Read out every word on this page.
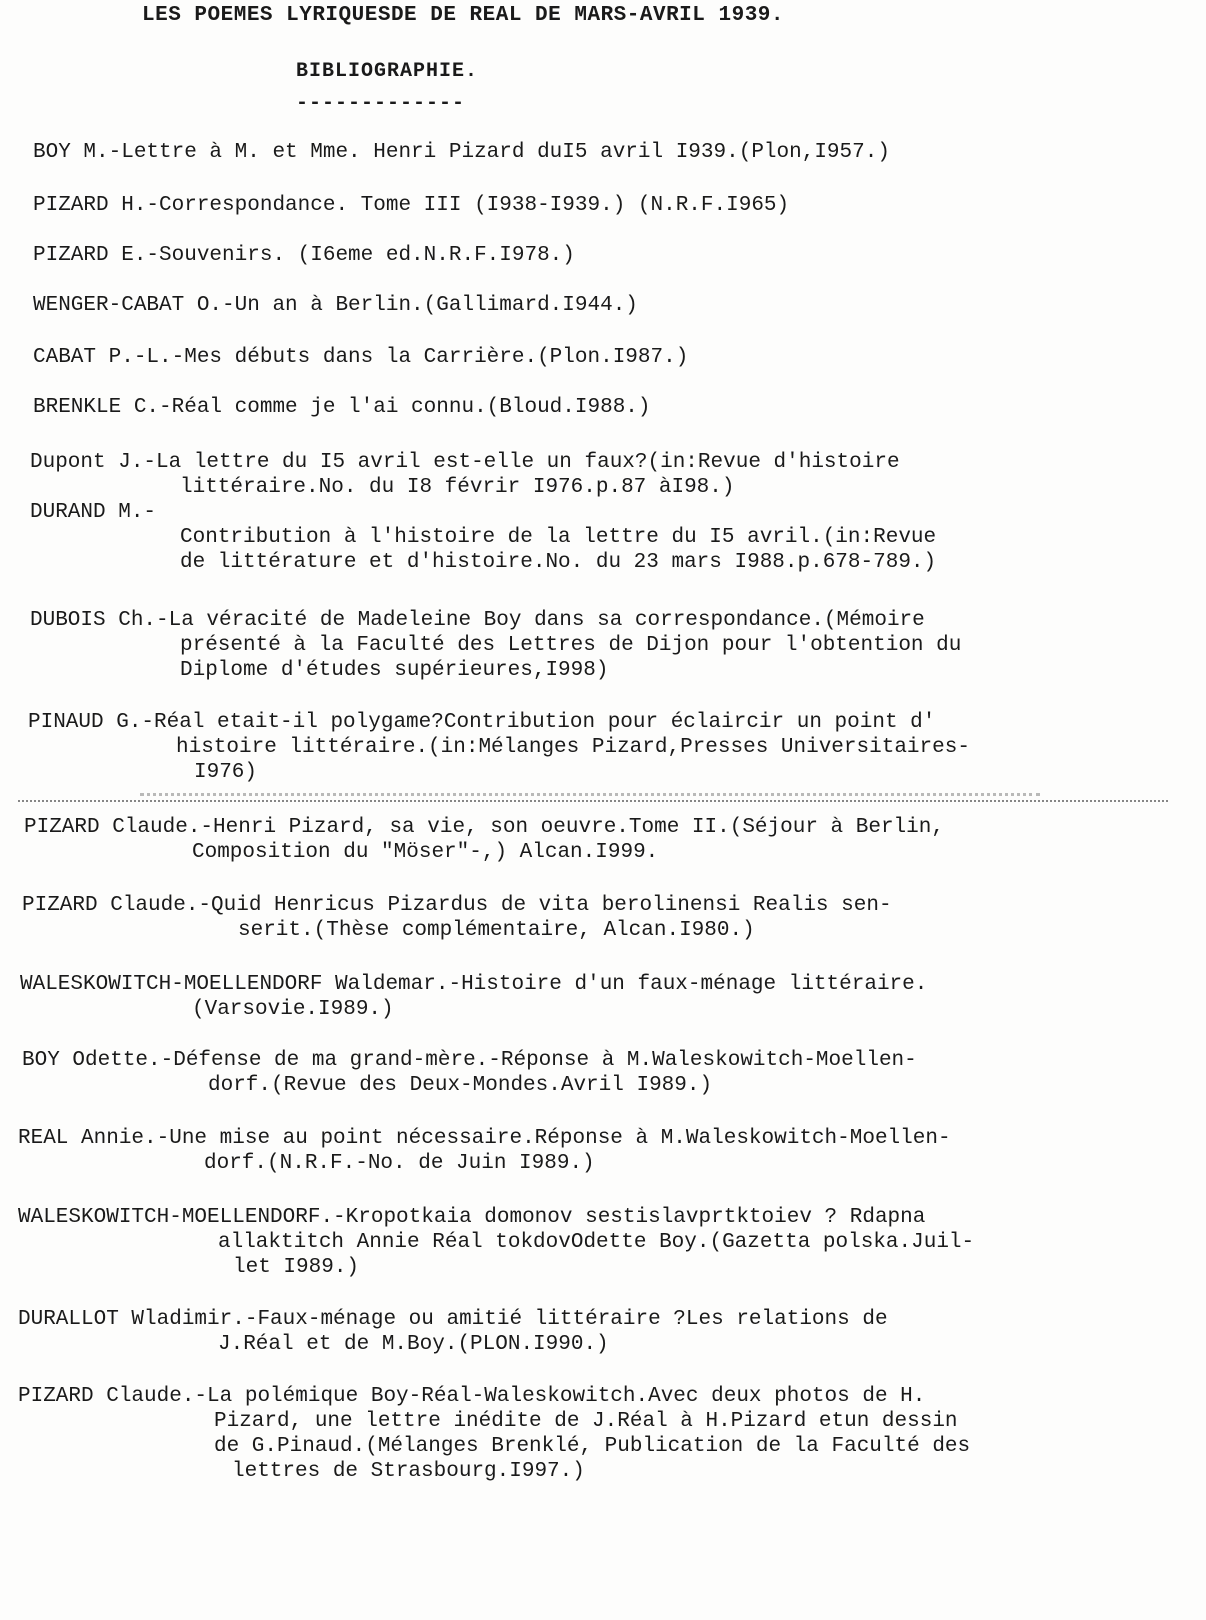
LES POEMES LYRIQUESDE DE REAL DE MARS-AVRIL 1939.
BIBLIOGRAPHIE.
-------------
BOY M.-Lettre à M. et Mme. Henri Pizard duI5 avril I939.(Plon,I957.)
PIZARD H.-Correspondance. Tome III (I938-I939.) (N.R.F.I965)
PIZARD E.-Souvenirs. (I6eme ed.N.R.F.I978.)
WENGER-CABAT O.-Un an à Berlin.(Gallimard.I944.)
CABAT P.-L.-Mes débuts dans la Carrière.(Plon.I987.)
BRENKLE C.-Réal comme je l'ai connu.(Bloud.I988.)
Dupont J.-La lettre du I5 avril est-elle un faux?(in:Revue d'histoire
littéraire.No. du I8 févrir I976.p.87 àI98.)
DURAND M.-
Contribution à l'histoire de la lettre du I5 avril.(in:Revue
de littérature et d'histoire.No. du 23 mars I988.p.678-789.)
DUBOIS Ch.-La véracité de Madeleine Boy dans sa correspondance.(Mémoire
présenté à la Faculté des Lettres de Dijon pour l'obtention du
Diplome d'études supérieures,I998)
PINAUD G.-Réal etait-il polygame?Contribution pour éclaircir un point d'
histoire littéraire.(in:Mélanges Pizard,Presses Universitaires-
I976)
PIZARD Claude.-Henri Pizard, sa vie, son oeuvre.Tome II.(Séjour à Berlin,
Composition du "Möser"-,) Alcan.I999.
PIZARD Claude.-Quid Henricus Pizardus de vita berolinensi Realis sen-
serit.(Thèse complémentaire, Alcan.I980.)
WALESKOWITCH-MOELLENDORF Waldemar.-Histoire d'un faux-ménage littéraire.
(Varsovie.I989.)
BOY Odette.-Défense de ma grand-mère.-Réponse à M.Waleskowitch-Moellen-
dorf.(Revue des Deux-Mondes.Avril I989.)
REAL Annie.-Une mise au point nécessaire.Réponse à M.Waleskowitch-Moellen-
dorf.(N.R.F.-No. de Juin I989.)
WALESKOWITCH-MOELLENDORF.-Kropotkaia domonov sestislavprtktoiev ? Rdapna
allaktitch Annie Réal tokdovOdette Boy.(Gazetta polska.Juil-
let I989.)
DURALLOT Wladimir.-Faux-ménage ou amitié littéraire ?Les relations de
J.Réal et de M.Boy.(PLON.I990.)
PIZARD Claude.-La polémique Boy-Réal-Waleskowitch.Avec deux photos de H.
Pizard, une lettre inédite de J.Réal à H.Pizard etun dessin
de G.Pinaud.(Mélanges Brenklé, Publication de la Faculté des
lettres de Strasbourg.I997.)
